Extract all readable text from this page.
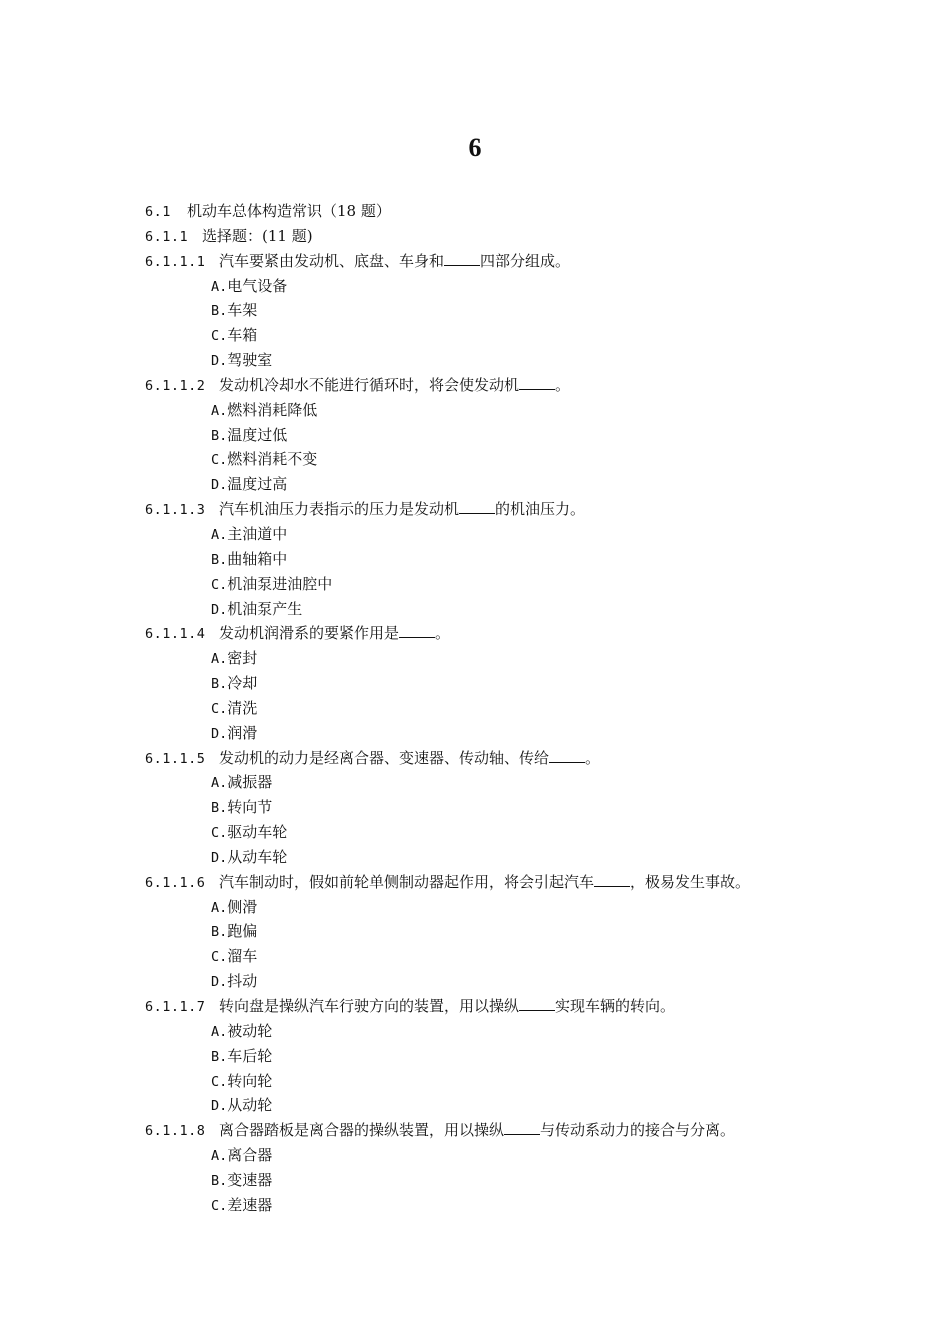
6
6.1 机动车总体构造常识（18 题）
6.1.1 选择题：(11 题)
6.1.1.1 汽车要紧由发动机、底盘、车身和 四部分组成。
A.电气设备
B.车架
C.车箱
D.驾驶室
6.1.1.2 发动机冷却水不能进行循环时，将会使发动机 。
A.燃料消耗降低
B.温度过低
C.燃料消耗不变
D.温度过高
6.1.1.3 汽车机油压力表指示的压力是发动机 的机油压力。
A.主油道中
B.曲轴箱中
C.机油泵进油腔中
D.机油泵产生
6.1.1.4 发动机润滑系的要紧作用是 。
A.密封
B.冷却
C.清洗
D.润滑
6.1.1.5 发动机的动力是经离合器、变速器、传动轴、传给 。
A.减振器
B.转向节
C.驱动车轮
D.从动车轮
6.1.1.6 汽车制动时，假如前轮单侧制动器起作用，将会引起汽车 ，极易发生事故。
A.侧滑
B.跑偏
C.溜车
D.抖动
6.1.1.7 转向盘是操纵汽车行驶方向的装置，用以操纵 实现车辆的转向。
A.被动轮
B.车后轮
C.转向轮
D.从动轮
6.1.1.8 离合器踏板是离合器的操纵装置，用以操纵 与传动系动力的接合与分离。
A.离合器
B.变速器
C.差速器
